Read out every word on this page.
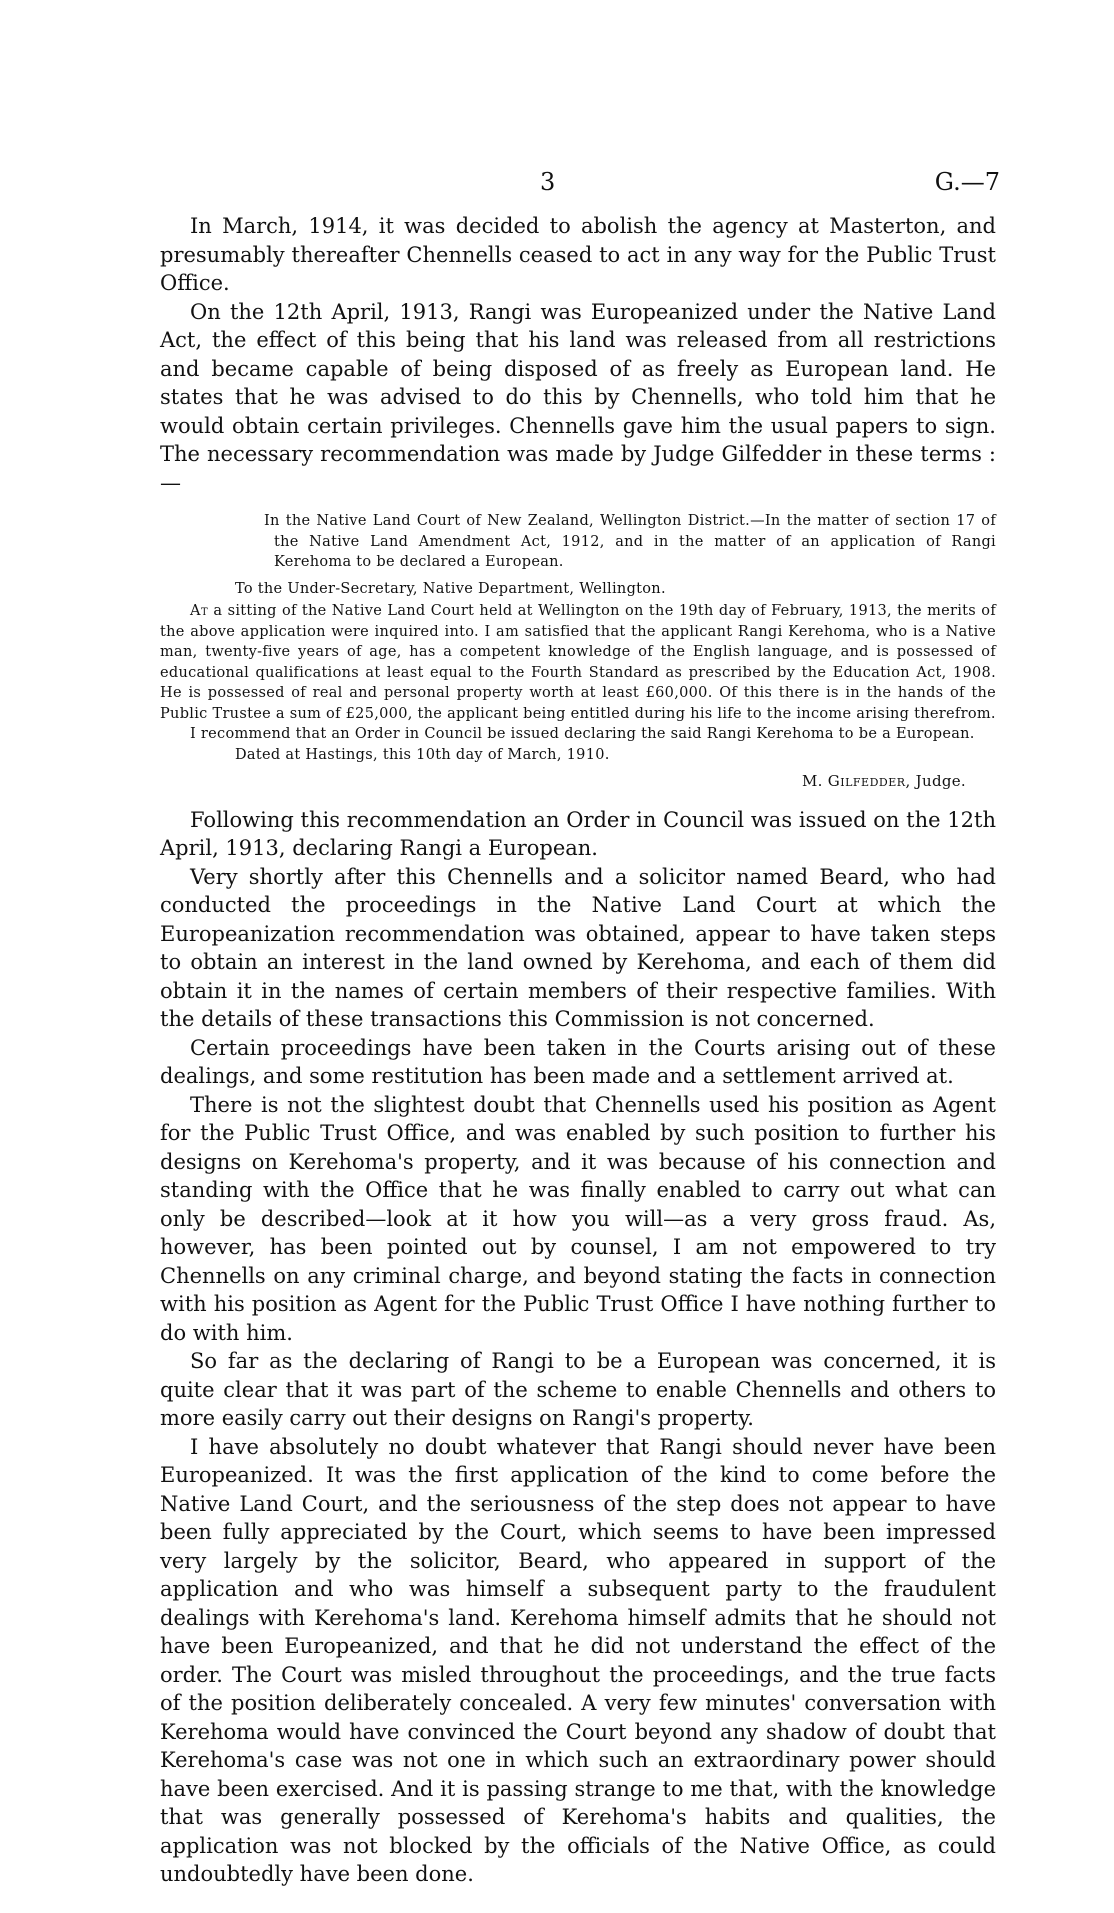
3	G.—7

In March, 1914, it was decided to abolish the agency at Masterton, and presumably thereafter Chennells ceased to act in any way for the Public Trust Office.

On the 12th April, 1913, Rangi was Europeanized under the Native Land Act, the effect of this being that his land was released from all restrictions and became capable of being disposed of as freely as European land. He states that he was advised to do this by Chennells, who told him that he would obtain certain privileges. Chennells gave him the usual papers to sign. The necessary recommendation was made by Judge Gilfedder in these terms :—

In the Native Land Court of New Zealand, Wellington District.—In the matter of section 17 of the Native Land Amendment Act, 1912, and in the matter of an application of Rangi Kerehoma to be declared a European.

To the Under-Secretary, Native Department, Wellington.

At a sitting of the Native Land Court held at Wellington on the 19th day of February, 1913, the merits of the above application were inquired into. I am satisfied that the applicant Rangi Kerehoma, who is a Native man, twenty-five years of age, has a competent knowledge of the English language, and is possessed of educational qualifications at least equal to the Fourth Standard as prescribed by the Education Act, 1908. He is possessed of real and personal property worth at least £60,000. Of this there is in the hands of the Public Trustee a sum of £25,000, the applicant being entitled during his life to the income arising therefrom.

I recommend that an Order in Council be issued declaring the said Rangi Kerehoma to be a European.

Dated at Hastings, this 10th day of March, 1910.

M. Gilfedder, Judge.

Following this recommendation an Order in Council was issued on the 12th April, 1913, declaring Rangi a European.

Very shortly after this Chennells and a solicitor named Beard, who had conducted the proceedings in the Native Land Court at which the Europeanization recommendation was obtained, appear to have taken steps to obtain an interest in the land owned by Kerehoma, and each of them did obtain it in the names of certain members of their respective families. With the details of these transactions this Commission is not concerned.

Certain proceedings have been taken in the Courts arising out of these dealings, and some restitution has been made and a settlement arrived at.

There is not the slightest doubt that Chennells used his position as Agent for the Public Trust Office, and was enabled by such position to further his designs on Kerehoma's property, and it was because of his connection and standing with the Office that he was finally enabled to carry out what can only be described—look at it how you will—as a very gross fraud. As, however, has been pointed out by counsel, I am not empowered to try Chennells on any criminal charge, and beyond stating the facts in connection with his position as Agent for the Public Trust Office I have nothing further to do with him.

So far as the declaring of Rangi to be a European was concerned, it is quite clear that it was part of the scheme to enable Chennells and others to more easily carry out their designs on Rangi's property.

I have absolutely no doubt whatever that Rangi should never have been Europeanized. It was the first application of the kind to come before the Native Land Court, and the seriousness of the step does not appear to have been fully appreciated by the Court, which seems to have been impressed very largely by the solicitor, Beard, who appeared in support of the application and who was himself a subsequent party to the fraudulent dealings with Kerehoma's land. Kerehoma himself admits that he should not have been Europeanized, and that he did not understand the effect of the order. The Court was misled throughout the proceedings, and the true facts of the position deliberately concealed. A very few minutes' conversation with Kerehoma would have convinced the Court beyond any shadow of doubt that Kerehoma's case was not one in which such an extraordinary power should have been exercised. And it is passing strange to me that, with the knowledge that was generally possessed of Kerehoma's habits and qualities, the application was not blocked by the officials of the Native Office, as could undoubtedly have been done.
